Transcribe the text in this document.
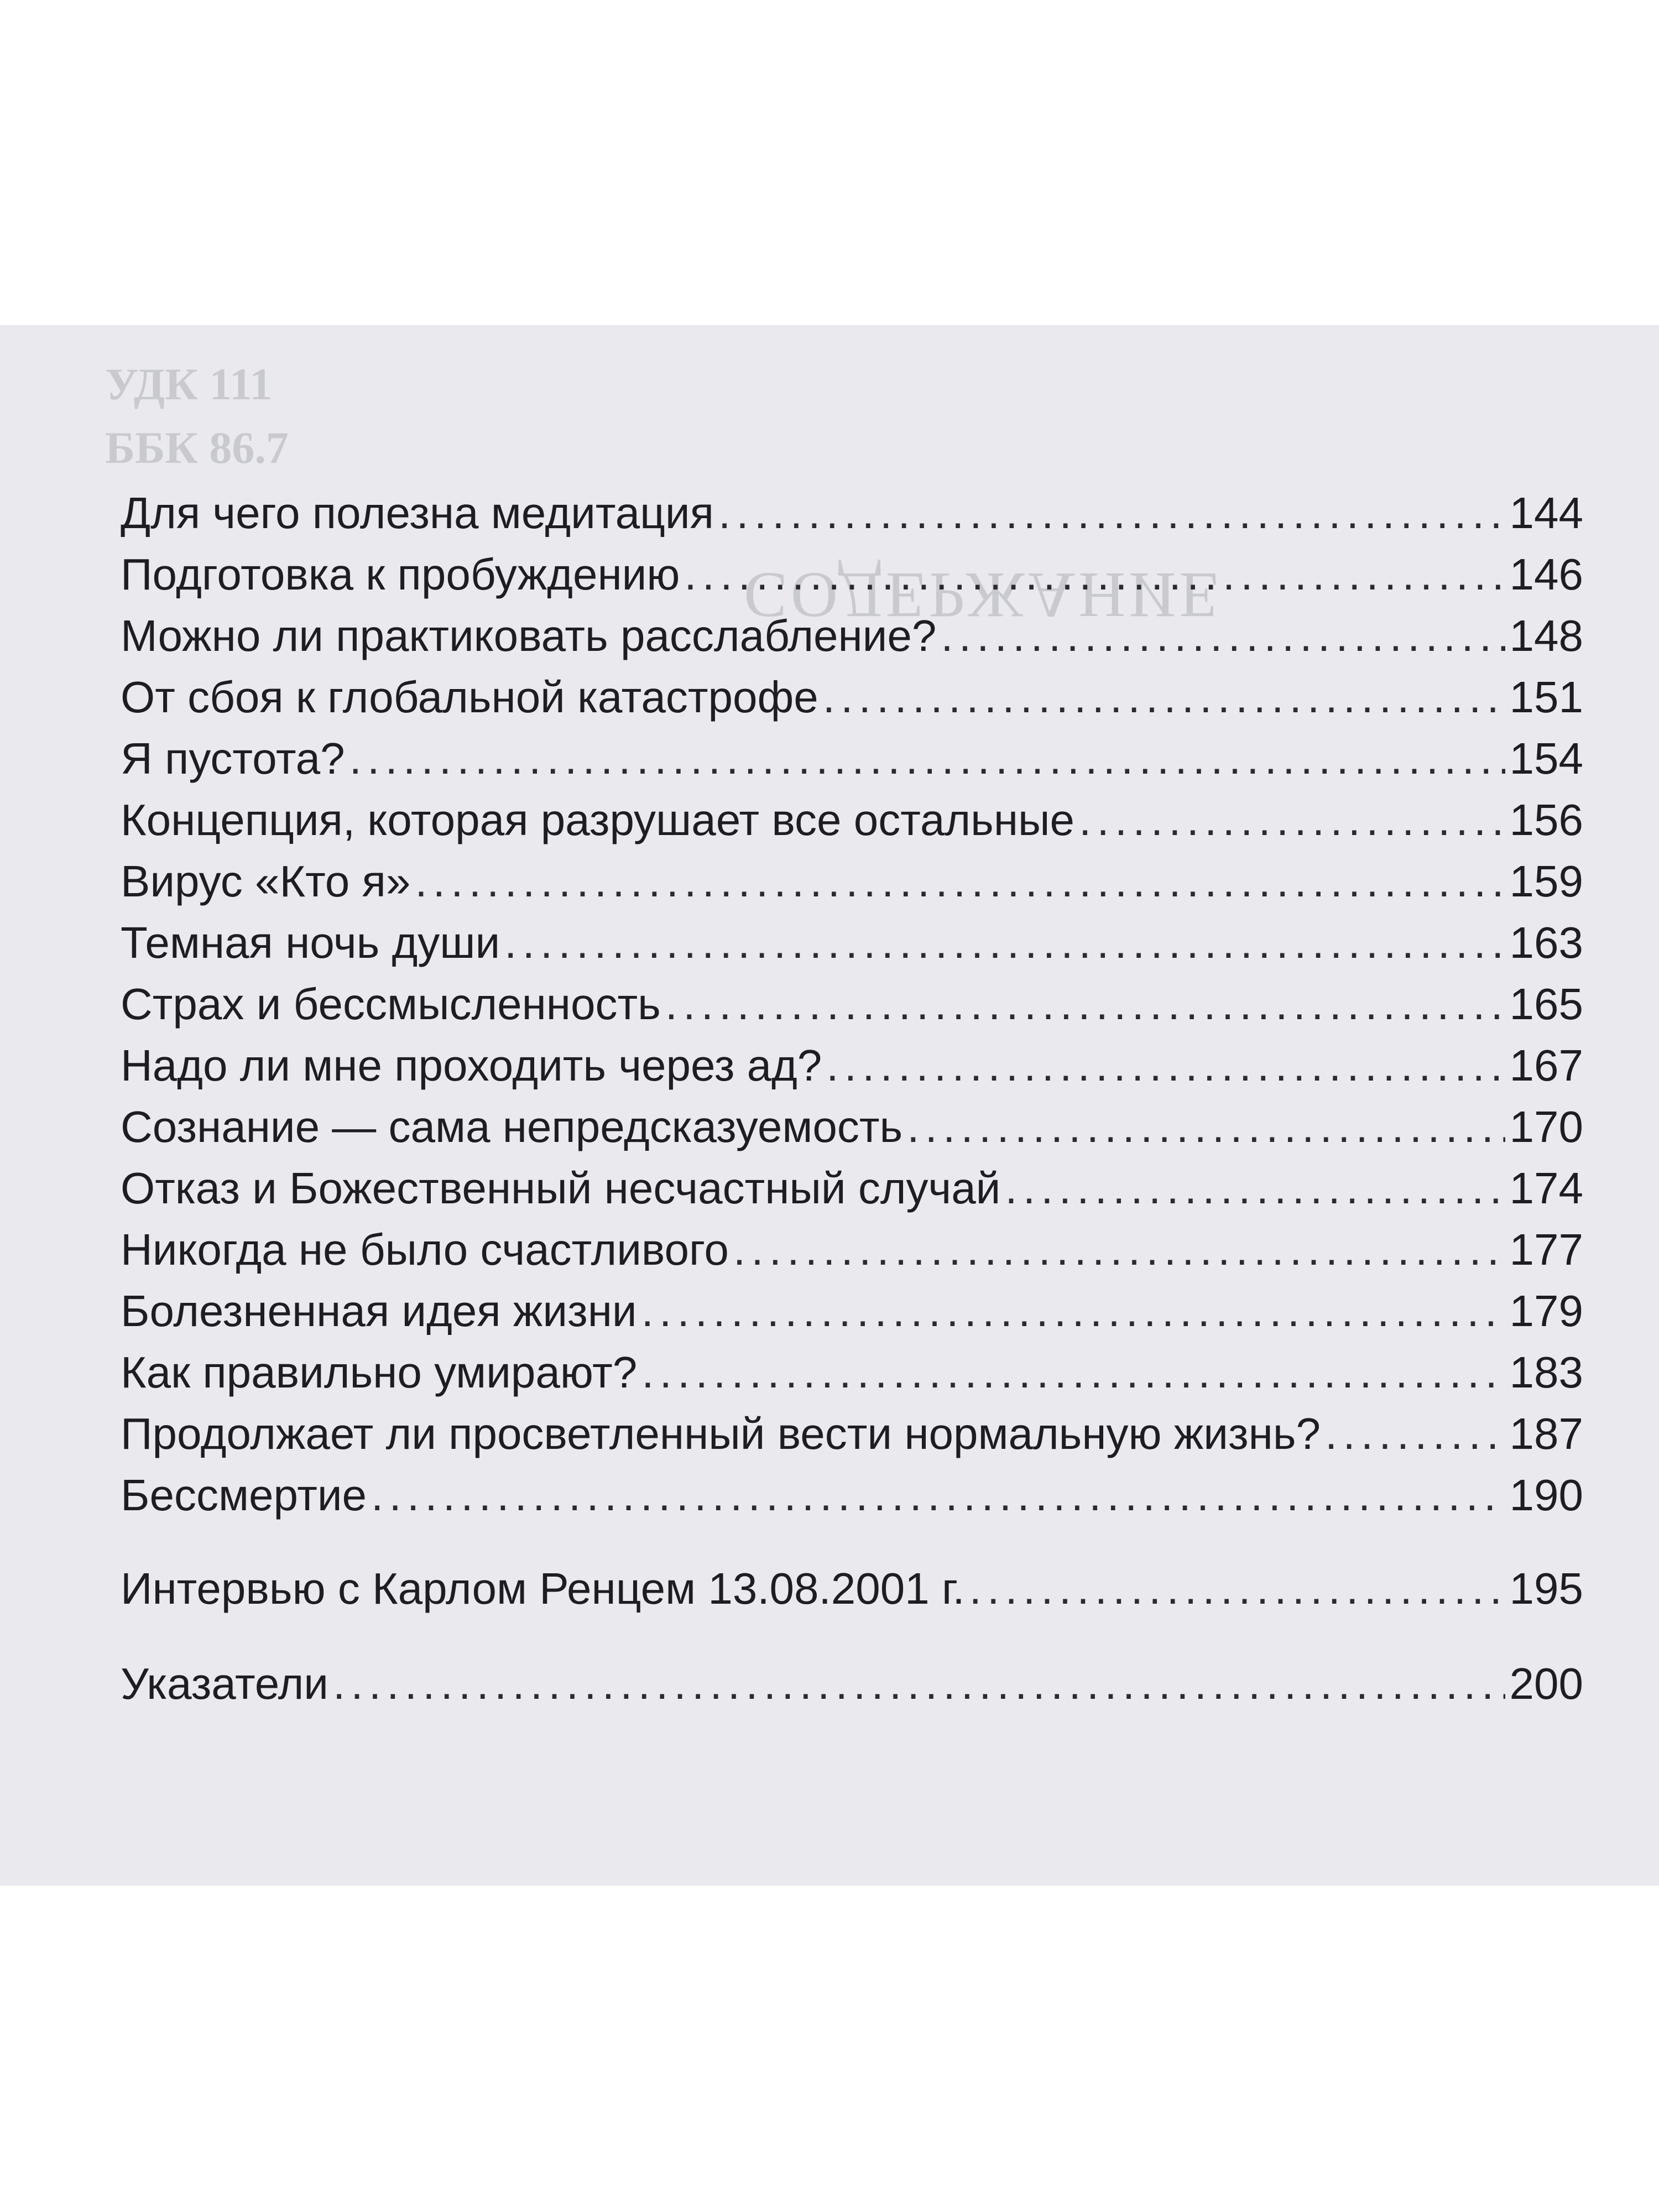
УДК 111
ББК 86.7
СОДЕРЖАНИЕ
Для чего полезна медитация . . .	144
Подготовка к пробуждению . . .	146
Можно ли практиковать расслабление? . . .	148
От сбоя к глобальной катастрофе . . .	151
Я пустота? . . .	154
Концепция, которая разрушает все остальные . . .	156
Вирус «Кто я» . . .	159
Темная ночь души . . .	163
Страх и бессмысленность . . .	165
Надо ли мне проходить через ад? . . .	167
Сознание — сама непредсказуемость . . .	170
Отказ и Божественный несчастный случай . . .	174
Никогда не было счастливого . . .	177
Болезненная идея жизни . . .	179
Как правильно умирают? . . .	183
Продолжает ли просветленный вести нормальную жизнь? . . .	187
Бессмертие . . .	190
Интервью с Карлом Ренцем 13.08.2001 г. . . .	195
Указатели . . .	200
